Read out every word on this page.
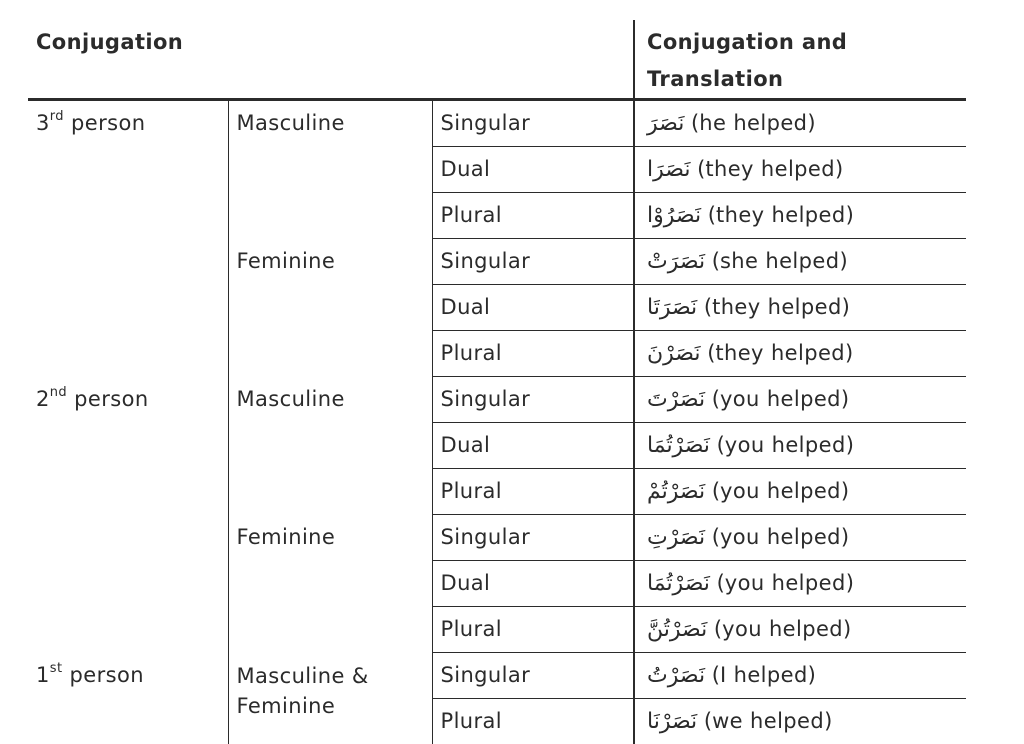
Conjugation			Conjugation and Translation
3rd person	Masculine	Singular	نَصَرَ (he helped)
		Dual	نَصَرَا (they helped)
		Plural	نَصَرُوْا (they helped)
	Feminine	Singular	نَصَرَتْ (she helped)
		Dual	نَصَرَتَا (they helped)
		Plural	نَصَرْنَ (they helped)
2nd person	Masculine	Singular	نَصَرْتَ (you helped)
		Dual	نَصَرْتُمَا (you helped)
		Plural	نَصَرْتُمْ (you helped)
	Feminine	Singular	نَصَرْتِ (you helped)
		Dual	نَصَرْتُمَا (you helped)
		Plural	نَصَرْتُنَّ (you helped)
1st person	Masculine & Feminine	Singular	نَصَرْتُ (I helped)
		Plural	نَصَرْنَا (we helped)
